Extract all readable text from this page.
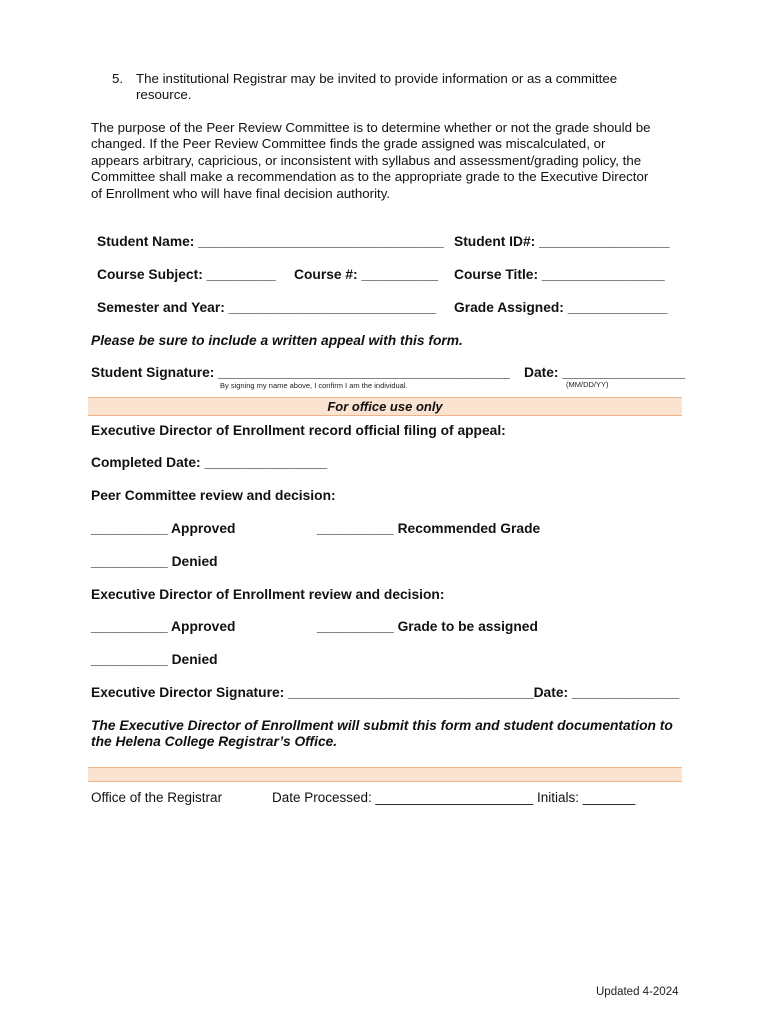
5. The institutional Registrar may be invited to provide information or as a committee
resource.
The purpose of the Peer Review Committee is to determine whether or not the grade should be
changed. If the Peer Review Committee finds the grade assigned was miscalculated, or
appears arbitrary, capricious, or inconsistent with syllabus and assessment/grading policy, the
Committee shall make a recommendation as to the appropriate grade to the Executive Director
of Enrollment who will have final decision authority.
Student Name: ________________________________ Student ID#: _________________
Course Subject: _________ Course #: __________ Course Title: ________________
Semester and Year: ___________________________ Grade Assigned: _____________
Please be sure to include a written appeal with this form.
Student Signature: ______________________________________ Date: ________________
By signing my name above, I confirm I am the individual.	(MM/DD/YY)
For office use only
Executive Director of Enrollment record official filing of appeal:
Completed Date: ________________
Peer Committee review and decision:
__________ Approved	__________ Recommended Grade
__________ Denied
Executive Director of Enrollment review and decision:
__________ Approved	__________ Grade to be assigned
__________ Denied
Executive Director Signature: ________________________________Date: ______________
The Executive Director of Enrollment will submit this form and student documentation to
the Helena College Registrar’s Office.
Office of the Registrar	Date Processed: _____________________ Initials: _______
Updated 4-2024
